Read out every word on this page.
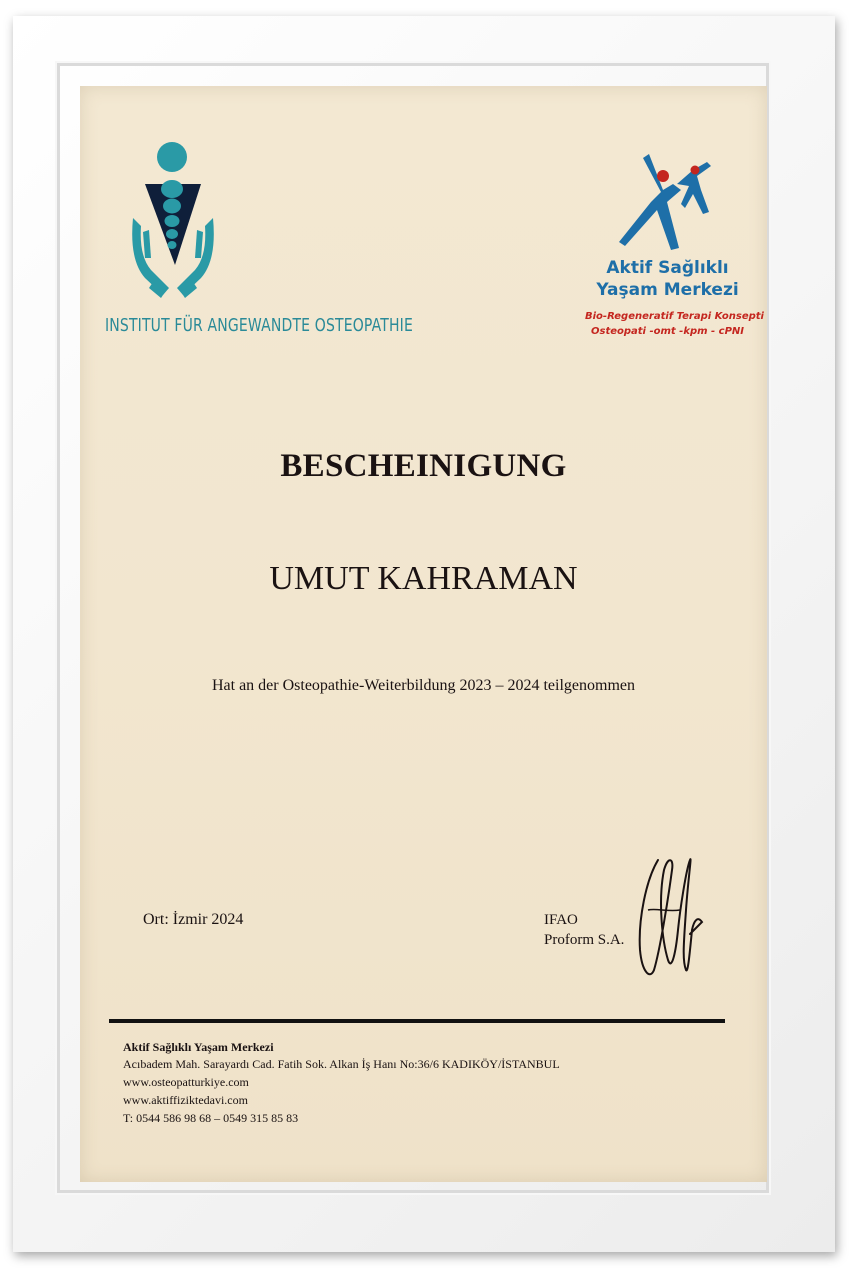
INSTITUT FÜR ANGEWANDTE OSTEOPATHIE
Aktif Sağlıklı
Yaşam Merkezi
Bio-Regeneratif Terapi Konsepti
Osteopati -omt -kpm - cPNI
BESCHEINIGUNG
UMUT KAHRAMAN
Hat an der Osteopathie-Weiterbildung 2023 – 2024 teilgenommen
Ort: İzmir 2024	IFAO
Proform S.A.
Aktif Sağlıklı Yaşam Merkezi
Acıbadem Mah. Sarayardı Cad. Fatih Sok. Alkan İş Hanı No:36/6 KADIKÖY/İSTANBUL
www.osteopatturkiye.com
www.aktiffiziktedavi.com
T: 0544 586 98 68 – 0549 315 85 83
